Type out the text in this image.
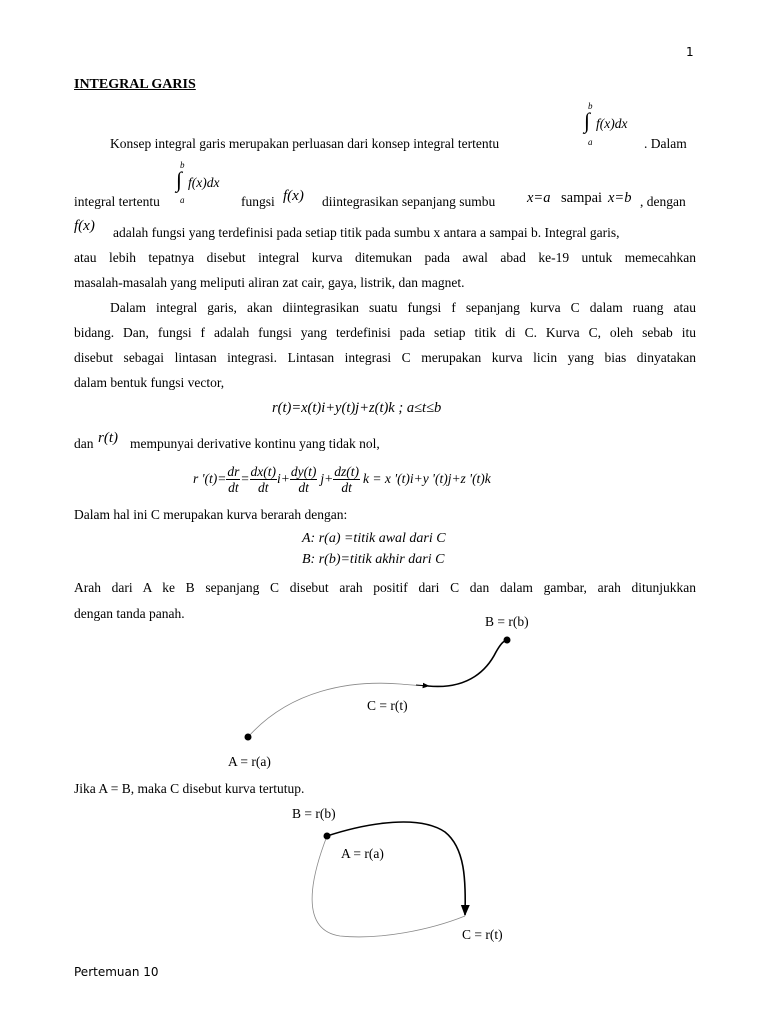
1
INTEGRAL GARIS
b
∫ f(x)dx
a
Konsep integral garis merupakan perluasan dari konsep integral tertentu	. Dalam
b
∫ f(x)dx
a
integral tertentu	fungsi f(x) diintegrasikan sepanjang sumbu x=a sampai x=b , dengan
f(x) adalah fungsi yang terdefinisi pada setiap titik pada sumbu x antara a sampai b. Integral garis,
atau lebih tepatnya disebut integral kurva ditemukan pada awal abad ke-19 untuk memecahkan
masalah-masalah yang meliputi aliran zat cair, gaya, listrik, dan magnet.
Dalam integral garis, akan diintegrasikan suatu fungsi f sepanjang kurva C dalam ruang atau
bidang. Dan, fungsi f adalah fungsi yang terdefinisi pada setiap titik di C. Kurva C, oleh sebab itu
disebut sebagai lintasan integrasi. Lintasan integrasi C merupakan kurva licin yang bias dinyatakan
dalam bentuk fungsi vector,
r(t)=x(t)i+y(t)j+z(t)k ; a≤t≤b
dan r(t) mempunyai derivative kontinu yang tidak nol,
r '$(t)= \frac{dr}{dt} = \frac{dx(t)}{dt} i+ \frac{dy(t)}{dt} j+ \frac{dz(t)}{dt}$ k = x '(t)i+y '(t)j+z '(t)k
Dalam hal ini C merupakan kurva berarah dengan:
A: r(a) =titik awal dari C
B: r(b)=titik akhir dari C
Arah dari A ke B sepanjang C disebut arah positif dari C dan dalam gambar, arah ditunjukkan
dengan tanda panah.
B = r(b)
C = r(t)
A = r(a)
Jika A = B, maka C disebut kurva tertutup.
B = r(b)
A = r(a)
C = r(t)
Pertemuan 10
